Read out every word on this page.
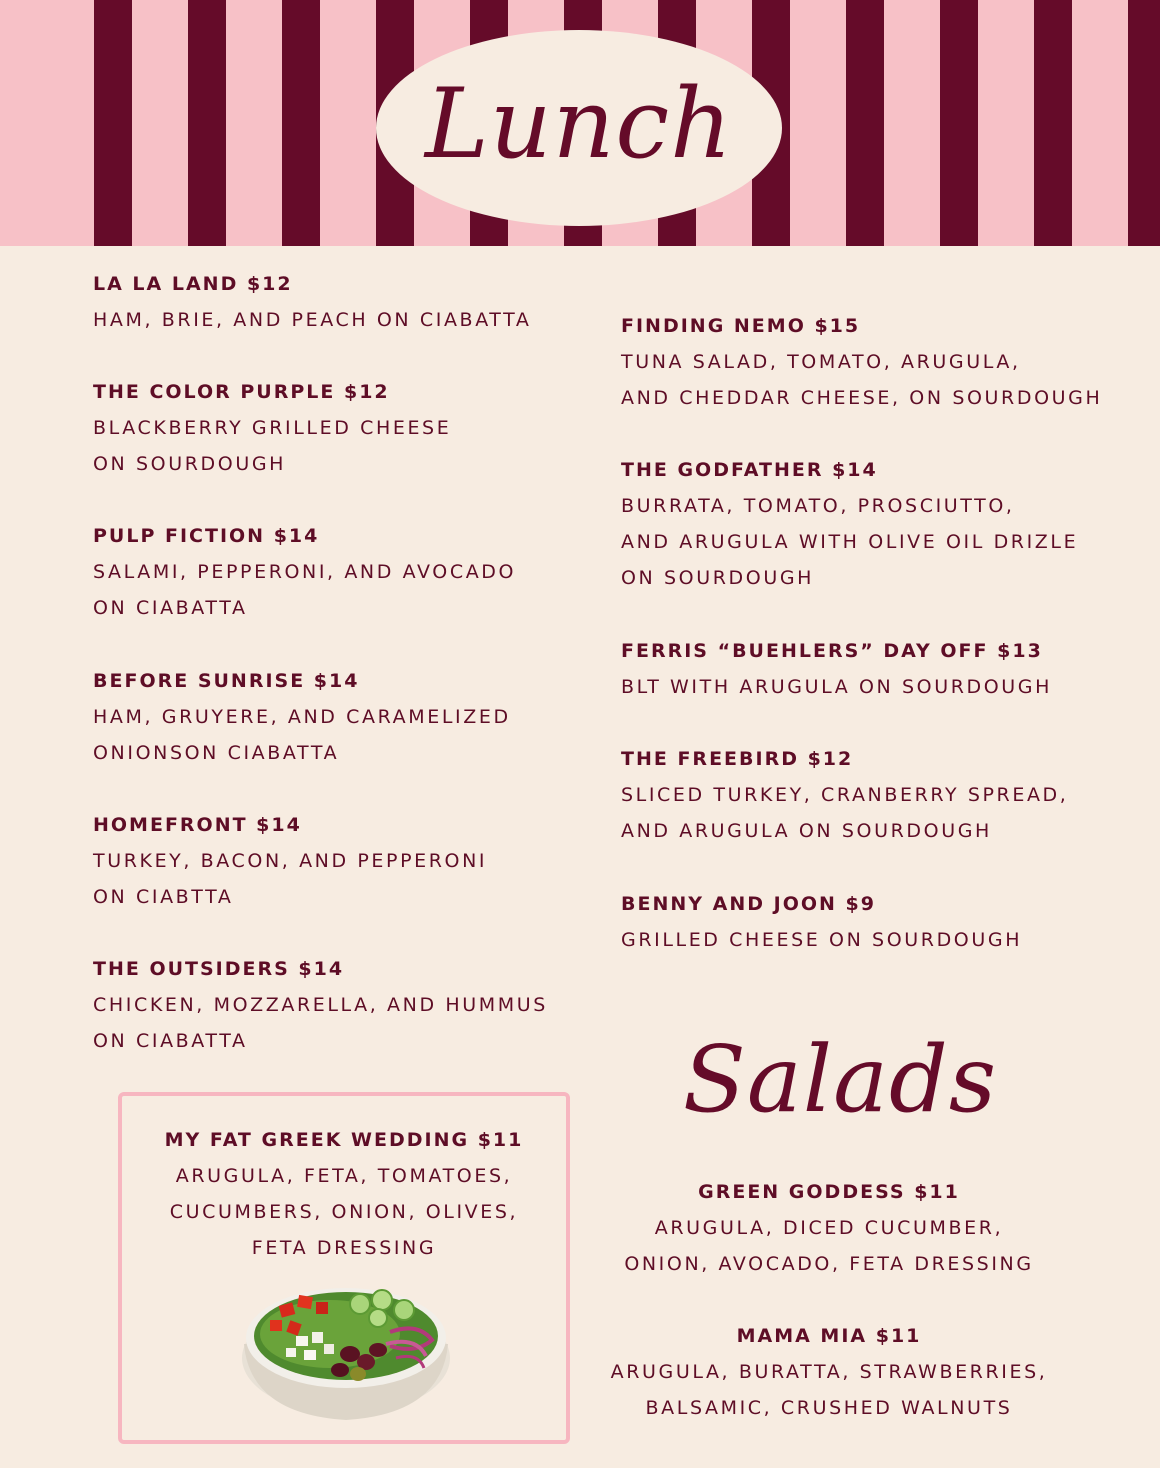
Lunch
LA LA LAND $12
HAM, BRIE, AND PEACH ON CIABATTA
THE COLOR PURPLE $12
BLACKBERRY GRILLED CHEESE
ON SOURDOUGH
PULP FICTION $14
SALAMI, PEPPERONI, AND AVOCADO
ON CIABATTA
BEFORE SUNRISE $14
HAM, GRUYERE, AND CARAMELIZED
ONIONSON CIABATTA
HOMEFRONT $14
TURKEY, BACON, AND PEPPERONI
ON CIABTTA
THE OUTSIDERS $14
CHICKEN, MOZZARELLA, AND HUMMUS
ON CIABATTA
FINDING NEMO $15
TUNA SALAD, TOMATO, ARUGULA,
AND CHEDDAR CHEESE, ON SOURDOUGH
THE GODFATHER $14
BURRATA, TOMATO, PROSCIUTTO,
AND ARUGULA WITH OLIVE OIL DRIZLE
ON SOURDOUGH
FERRIS “BUEHLERS” DAY OFF $13
BLT WITH ARUGULA ON SOURDOUGH
THE FREEBIRD $12
SLICED TURKEY, CRANBERRY SPREAD,
AND ARUGULA ON SOURDOUGH
BENNY AND JOON $9
GRILLED CHEESE ON SOURDOUGH
MY FAT GREEK WEDDING $11
ARUGULA, FETA, TOMATOES,
CUCUMBERS, ONION, OLIVES,
FETA DRESSING
Salads
GREEN GODDESS $11
ARUGULA, DICED CUCUMBER,
ONION, AVOCADO, FETA DRESSING
MAMA MIA $11
ARUGULA, BURATTA, STRAWBERRIES,
BALSAMIC, CRUSHED WALNUTS
